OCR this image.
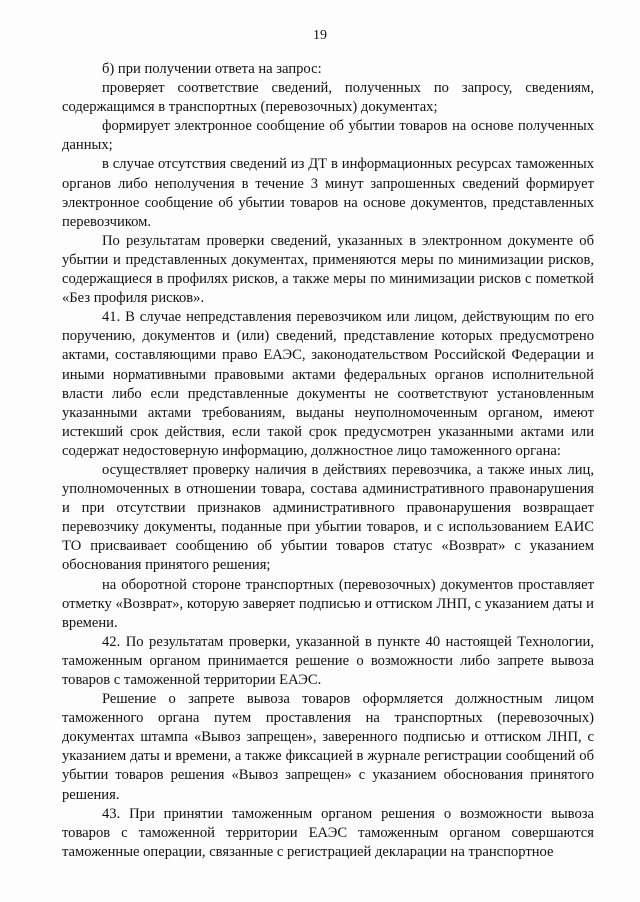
19

б) при получении ответа на запрос:

проверяет соответствие сведений, полученных по запросу, сведениям, содержащимся в транспортных (перевозочных) документах;

формирует электронное сообщение об убытии товаров на основе полученных данных;

в случае отсутствия сведений из ДТ в информационных ресурсах таможенных органов либо неполучения в течение 3 минут запрошенных сведений формирует электронное сообщение об убытии товаров на основе документов, представленных перевозчиком.

По результатам проверки сведений, указанных в электронном документе об убытии и представленных документах, применяются меры по минимизации рисков, содержащиеся в профилях рисков, а также меры по минимизации рисков с пометкой «Без профиля рисков».

41. В случае непредставления перевозчиком или лицом, действующим по его поручению, документов и (или) сведений, представление которых предусмотрено актами, составляющими право ЕАЭС, законодательством Российской Федерации и иными нормативными правовыми актами федеральных органов исполнительной власти либо если представленные документы не соответствуют установленным указанными актами требованиям, выданы неуполномоченным органом, имеют истекший срок действия, если такой срок предусмотрен указанными актами или содержат недостоверную информацию, должностное лицо таможенного органа:

осуществляет проверку наличия в действиях перевозчика, а также иных лиц, уполномоченных в отношении товара, состава административного правонарушения и при отсутствии признаков административного правонарушения возвращает перевозчику документы, поданные при убытии товаров, и с использованием ЕАИС ТО присваивает сообщению об убытии товаров статус «Возврат» с указанием обоснования принятого решения;

на оборотной стороне транспортных (перевозочных) документов проставляет отметку «Возврат», которую заверяет подписью и оттиском ЛНП, с указанием даты и времени.

42. По результатам проверки, указанной в пункте 40 настоящей Технологии, таможенным органом принимается решение о возможности либо запрете вывоза товаров с таможенной территории ЕАЭС.

Решение о запрете вывоза товаров оформляется должностным лицом таможенного органа путем проставления на транспортных (перевозочных) документах штампа «Вывоз запрещен», заверенного подписью и оттиском ЛНП, с указанием даты и времени, а также фиксацией в журнале регистрации сообщений об убытии товаров решения «Вывоз запрещен» с указанием обоснования принятого решения.

43. При принятии таможенным органом решения о возможности вывоза товаров с таможенной территории ЕАЭС таможенным органом совершаются таможенные операции, связанные с регистрацией декларации на транспортное
